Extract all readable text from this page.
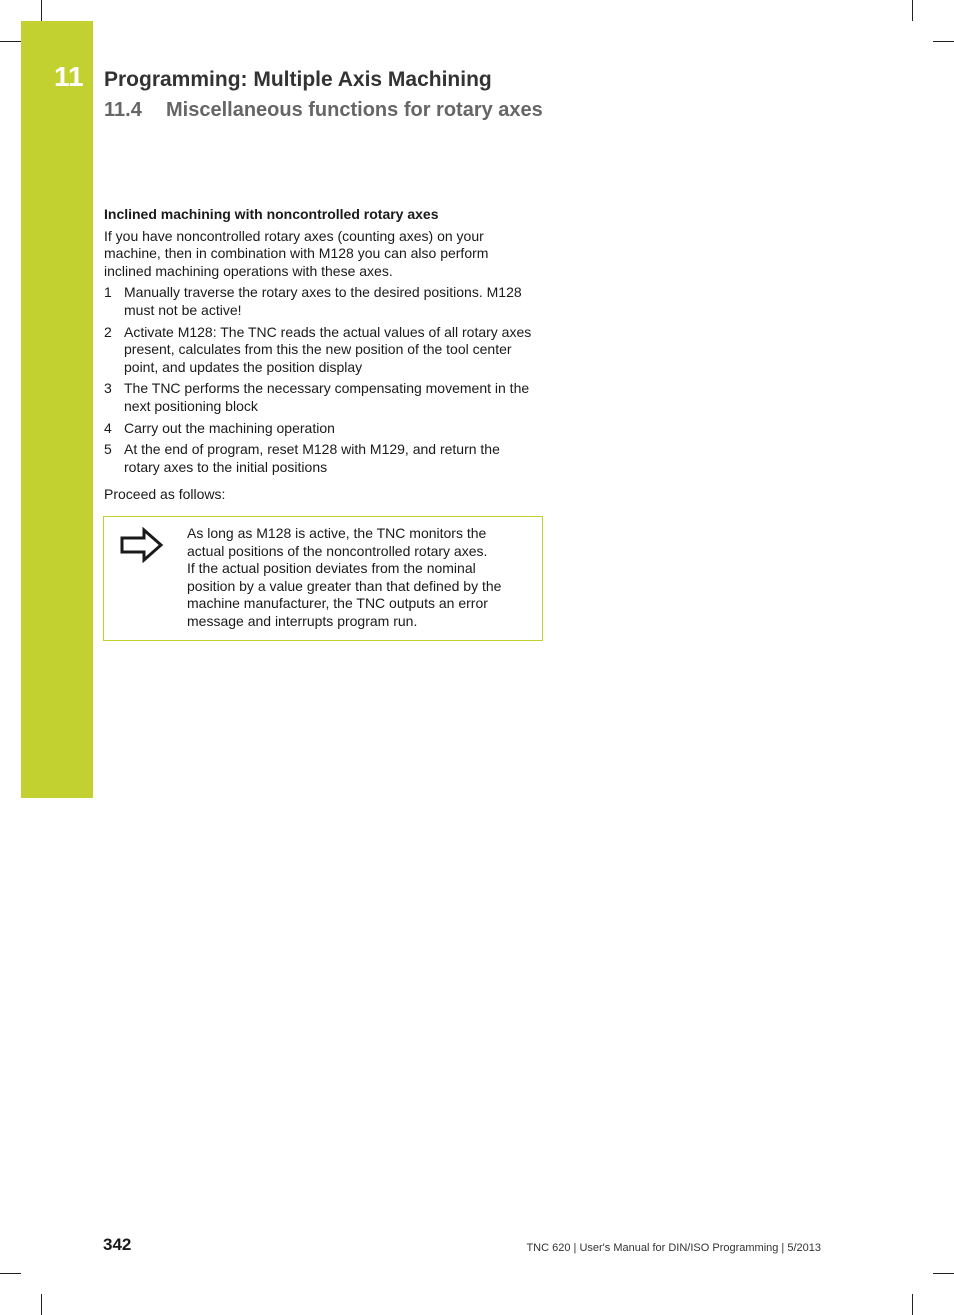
11 Programming: Multiple Axis Machining
11.4 Miscellaneous functions for rotary axes
Inclined machining with noncontrolled rotary axes

If you have noncontrolled rotary axes (counting axes) on your machine, then in combination with M128 you can also perform inclined machining operations with these axes.

1 Manually traverse the rotary axes to the desired positions. M128 must not be active!
2 Activate M128: The TNC reads the actual values of all rotary axes present, calculates from this the new position of the tool center point, and updates the position display
3 The TNC performs the necessary compensating movement in the next positioning block
4 Carry out the machining operation
5 At the end of program, reset M128 with M129, and return the rotary axes to the initial positions

Proceed as follows:

As long as M128 is active, the TNC monitors the actual positions of the noncontrolled rotary axes.
If the actual position deviates from the nominal position by a value greater than that defined by the machine manufacturer, the TNC outputs an error message and interrupts program run.
342	TNC 620 | User's Manual for DIN/ISO Programming | 5/2013
